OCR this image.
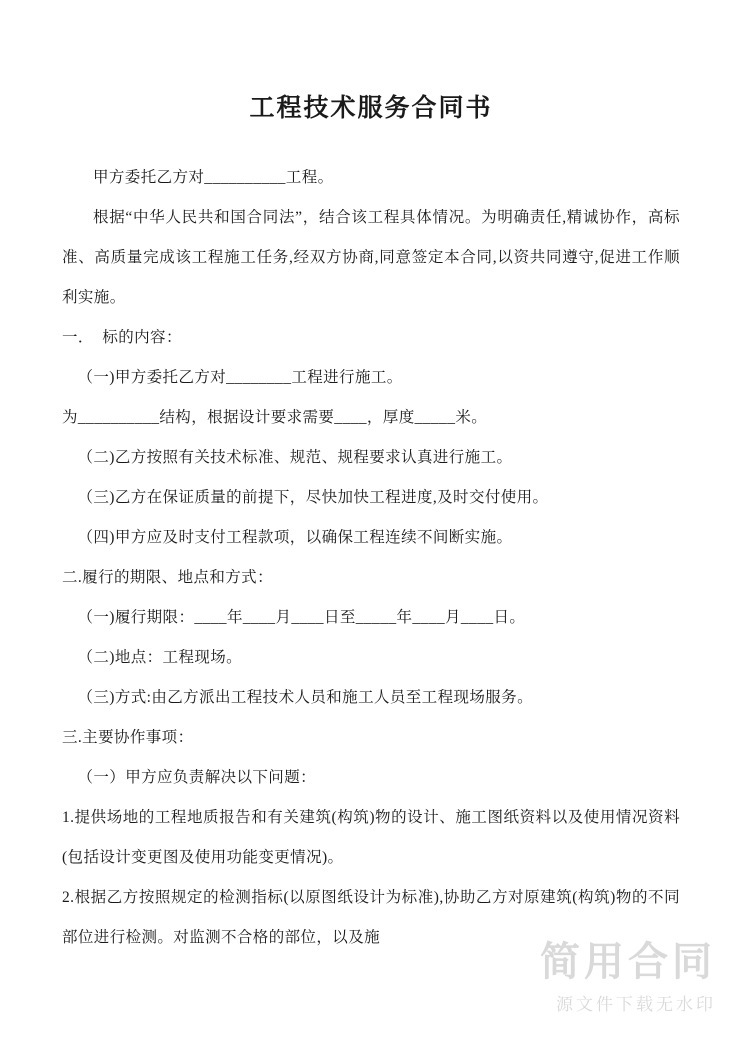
工程技术服务合同书

甲方委托乙方对__________工程。

根据“中华人民共和国合同法”，结合该工程具体情况。为明确责任,精诚协作，高标准、高质量完成该工程施工任务,经双方协商,同意签定本合同,以资共同遵守,促进工作顺利实施。

一．  标的内容：

（一)甲方委托乙方对________工程进行施工。

为__________结构，根据设计要求需要____，厚度_____米。

（二)乙方按照有关技术标准、规范、规程要求认真进行施工。

（三)乙方在保证质量的前提下，尽快加快工程进度,及时交付使用。

（四)甲方应及时支付工程款项，以确保工程连续不间断实施。

二.履行的期限、地点和方式：

（一)履行期限：____年____月____日至_____年____月____日。

（二)地点：工程现场。

（三)方式:由乙方派出工程技术人员和施工人员至工程现场服务。

三.主要协作事项：

（一）甲方应负责解决以下问题：

1.提供场地的工程地质报告和有关建筑(构筑)物的设计、施工图纸资料以及使用情况资料(包括设计变更图及使用功能变更情况)。

2.根据乙方按照规定的检测指标(以原图纸设计为标准),协助乙方对原建筑(构筑)物的不同部位进行检测。对监测不合格的部位，以及施

简用合同
源文件下载无水印
